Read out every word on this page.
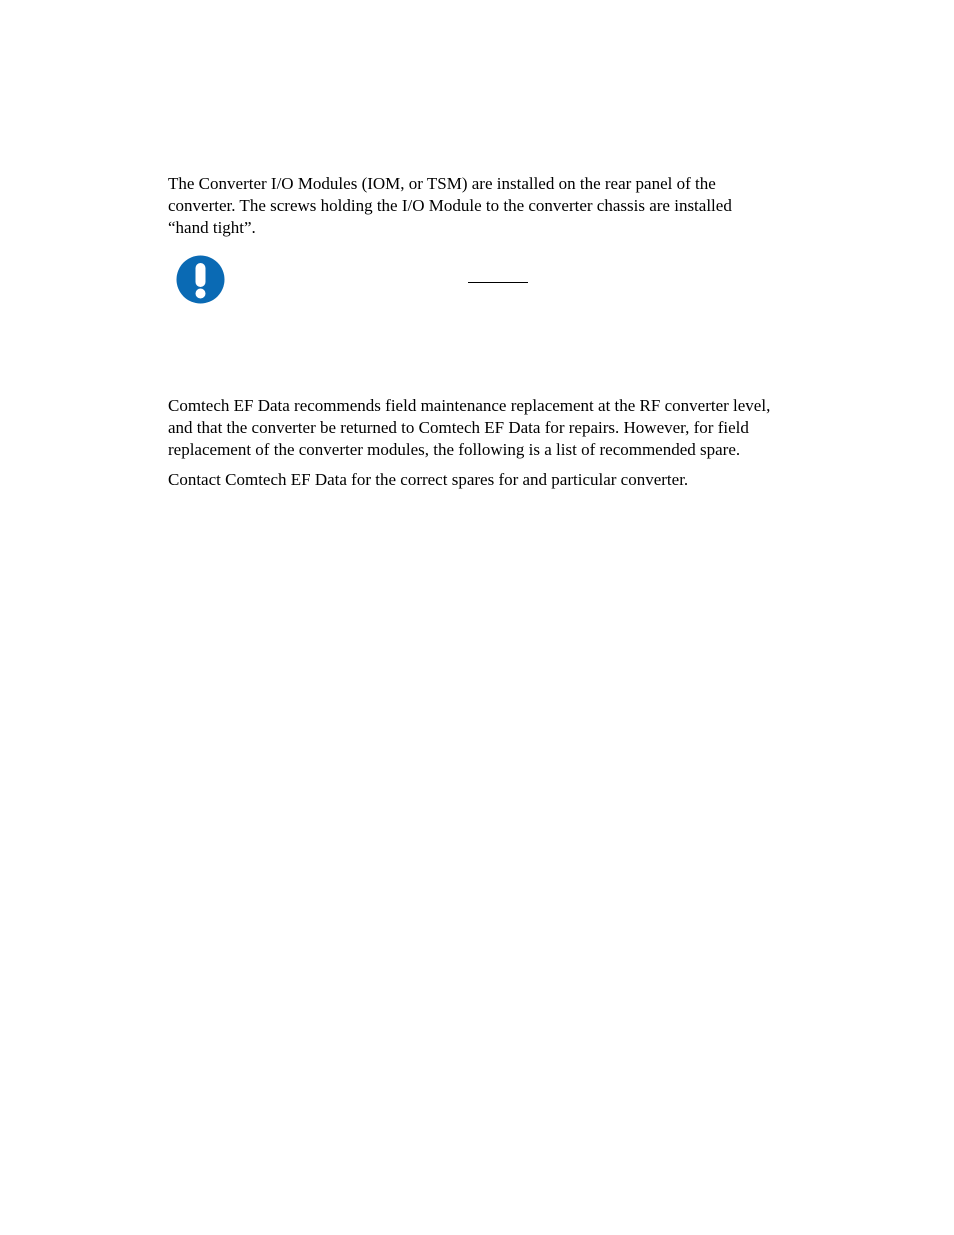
The Converter I/O Modules (IOM, or TSM) are installed on the rear panel of the
converter. The screws holding the I/O Module to the converter chassis are installed
“hand tight”.

Comtech EF Data recommends field maintenance replacement at the RF converter level,
and that the converter be returned to Comtech EF Data for repairs. However, for field
replacement of the converter modules, the following is a list of recommended spare.

Contact Comtech EF Data for the correct spares for and particular converter.
